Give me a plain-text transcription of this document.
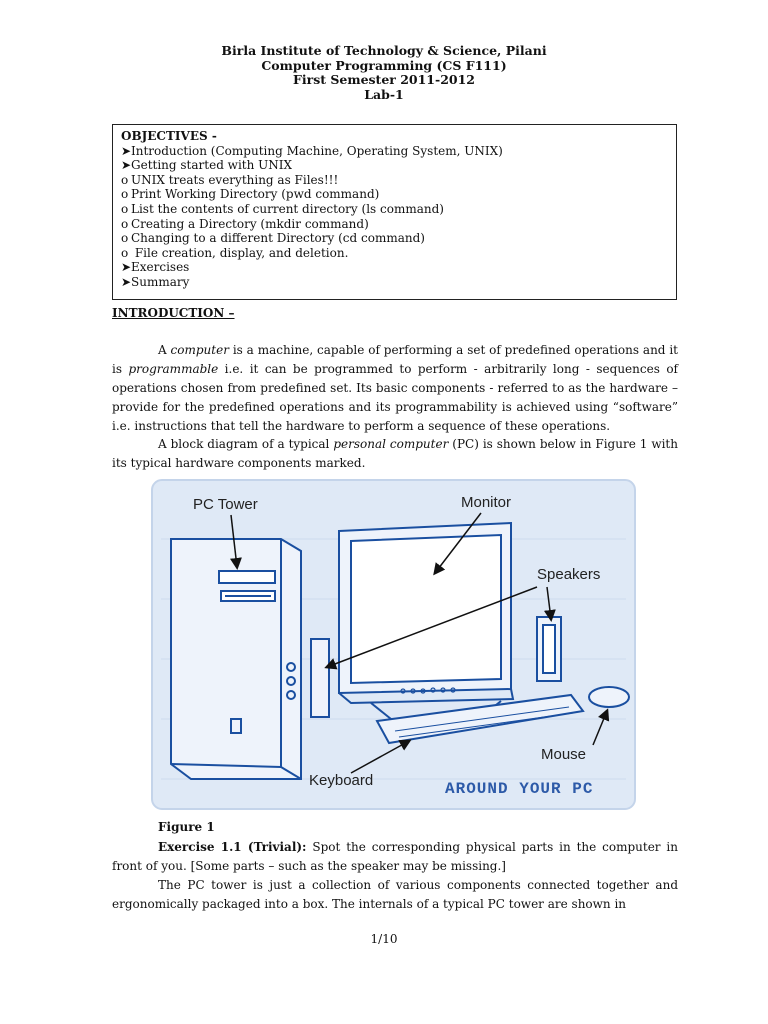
Birla Institute of Technology & Science, Pilani
Computer Programming (CS F111)
First Semester 2011-2012
Lab-1
OBJECTIVES -
➤Introduction (Computing Machine, Operating System, UNIX)
➤Getting started with UNIX
o UNIX treats everything as Files!!!
o Print Working Directory (pwd command)
o List the contents of current directory (ls command)
o Creating a Directory (mkdir command)
o Changing to a different Directory (cd command)
o File creation, display, and deletion.
➤Exercises
➤Summary
INTRODUCTION –
A computer is a machine, capable of performing a set of predefined operations and it is programmable i.e. it can be programmed to perform - arbitrarily long - sequences of operations chosen from predefined set. Its basic components - referred to as the hardware – provide for the predefined operations and its programmability is achieved using “software” i.e. instructions that tell the hardware to perform a sequence of these operations.
A block diagram of a typical personal computer (PC) is shown below in Figure 1 with its typical hardware components marked.
PC Tower	Monitor
Speakers
Mouse
Keyboard	AROUND YOUR PC
Figure 1
Exercise 1.1 (Trivial): Spot the corresponding physical parts in the computer in front of you. [Some parts – such as the speaker may be missing.]
The PC tower is just a collection of various components connected together and ergonomically packaged into a box. The internals of a typical PC tower are shown in
1/10
